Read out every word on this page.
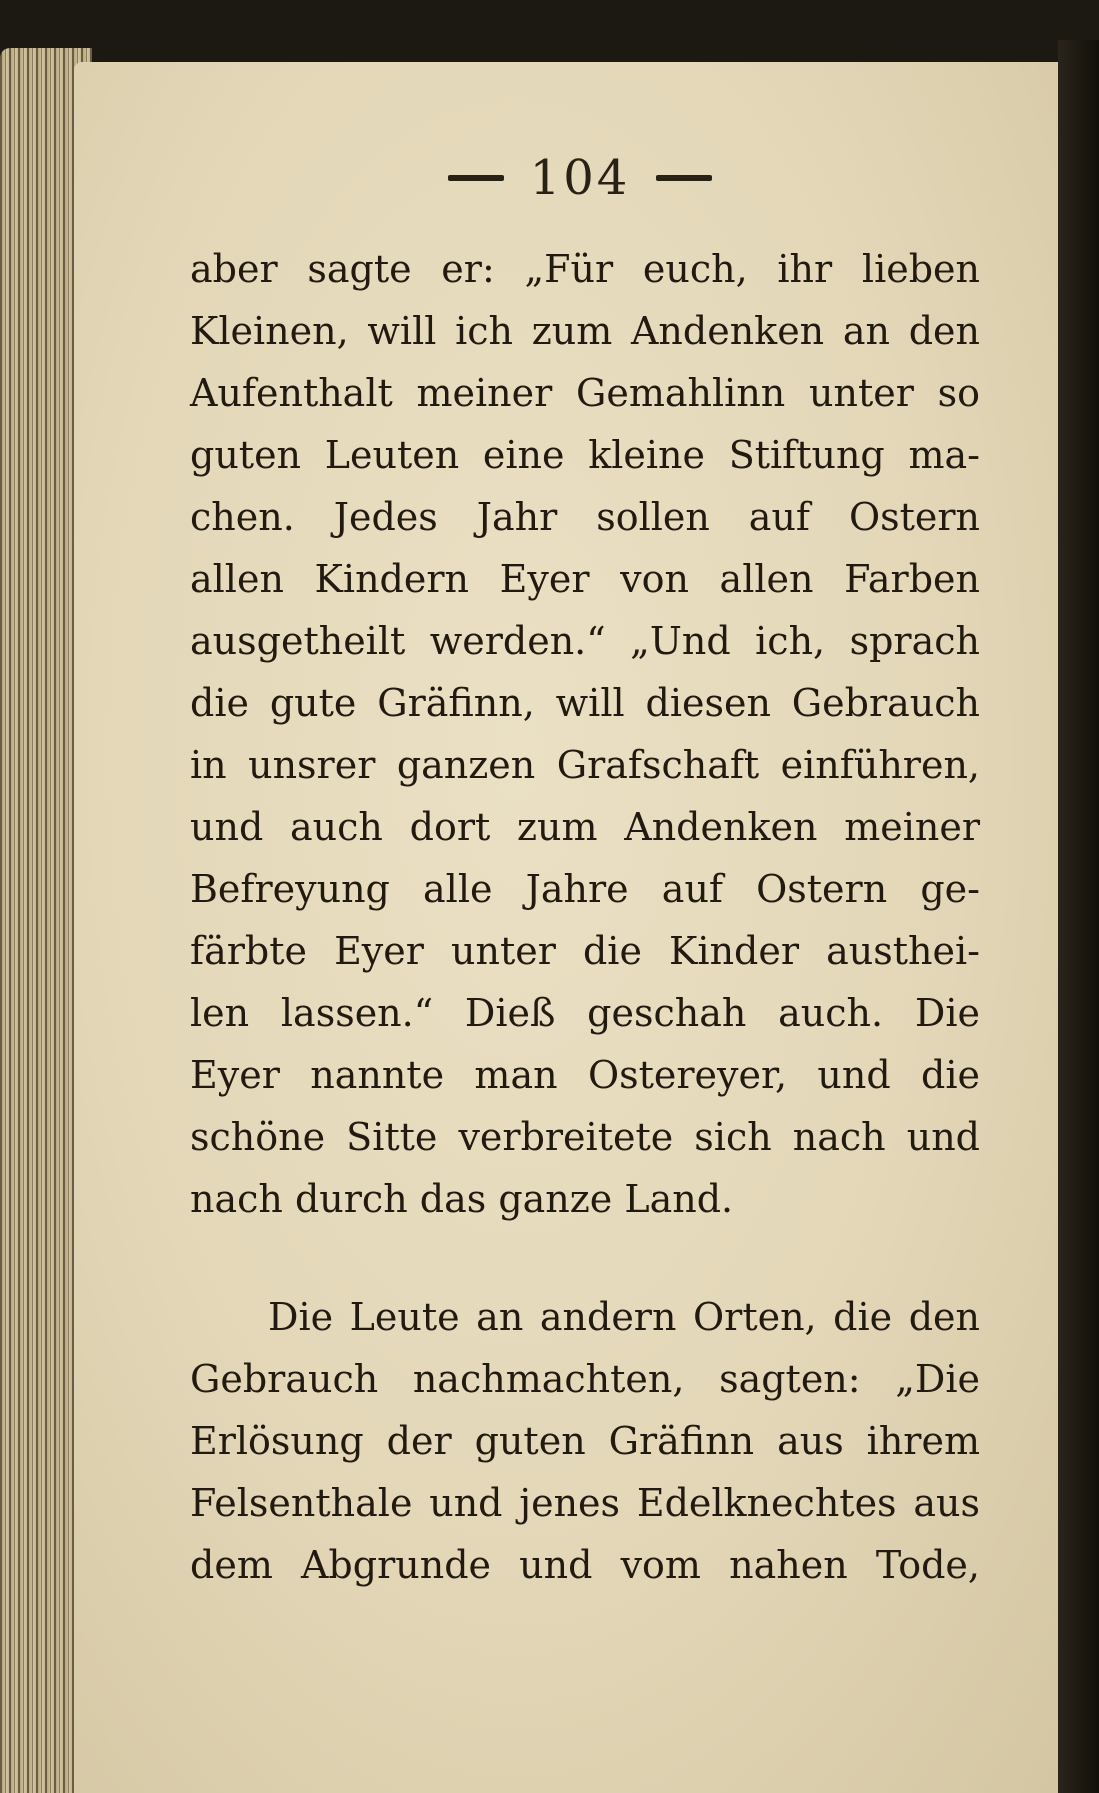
104
aber sagte er: „Für euch, ihr lieben
Kleinen, will ich zum Andenken an den
Aufenthalt meiner Gemahlinn unter so
guten Leuten eine kleine Stiftung ma-
chen. Jedes Jahr sollen auf Ostern
allen Kindern Eyer von allen Farben
ausgetheilt werden.“ „Und ich, sprach
die gute Gräfinn, will diesen Gebrauch
in unsrer ganzen Grafschaft einführen,
und auch dort zum Andenken meiner
Befreyung alle Jahre auf Ostern ge-
färbte Eyer unter die Kinder austhei-
len lassen.“ Dieß geschah auch. Die
Eyer nannte man Ostereyer, und die
schöne Sitte verbreitete sich nach und
nach durch das ganze Land.
Die Leute an andern Orten, die den
Gebrauch nachmachten, sagten: „Die
Erlösung der guten Gräfinn aus ihrem
Felsenthale und jenes Edelknechtes aus
dem Abgrunde und vom nahen Tode,
